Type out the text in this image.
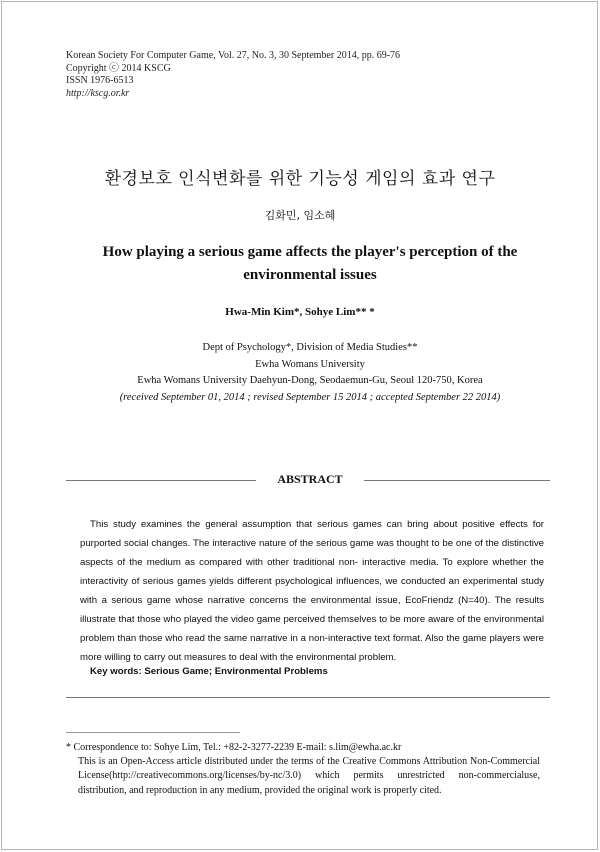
Korean Society For Computer Game, Vol. 27, No. 3, 30 September 2014, pp. 69-76
Copyright ⓒ 2014 KSCG
ISSN 1976-6513
http://kscg.or.kr
환경보호 인식변화를 위한 기능성 게임의 효과 연구
김화민, 임소혜
How playing a serious game affects the player's perception of the environmental issues
Hwa-Min Kim*, Sohye Lim** *
Dept of Psychology*, Division of Media Studies**
Ewha Womans University
Ewha Womans University Daehyun-Dong, Seodaemun-Gu, Seoul 120-750, Korea
(received September 01, 2014 ; revised September 15 2014 ; accepted September 22 2014)
ABSTRACT
This study examines the general assumption that serious games can bring about positive effects for purported social changes. The interactive nature of the serious game was thought to be one of the distinctive aspects of the medium as compared with other traditional non- interactive media. To explore whether the interactivity of serious games yields different psychological influences, we conducted an experimental study with a serious game whose narrative concerns the environmental issue, EcoFriendz (N=40). The results illustrate that those who played the video game perceived themselves to be more aware of the environmental problem than those who read the same narrative in a non-interactive text format. Also the game players were more willing to carry out measures to deal with the environmental problem.
Key words: Serious Game; Environmental Problems
* Correspondence to: Sohye Lim, Tel.: +82-2-3277-2239 E-mail: s.lim@ewha.ac.kr
This is an Open-Access article distributed under the terms of the Creative Commons Attribution Non-Commercial License(http://creativecommons.org/licenses/by-nc/3.0) which permits unrestricted non-commercialuse, distribution, and reproduction in any medium, provided the original work is properly cited.
